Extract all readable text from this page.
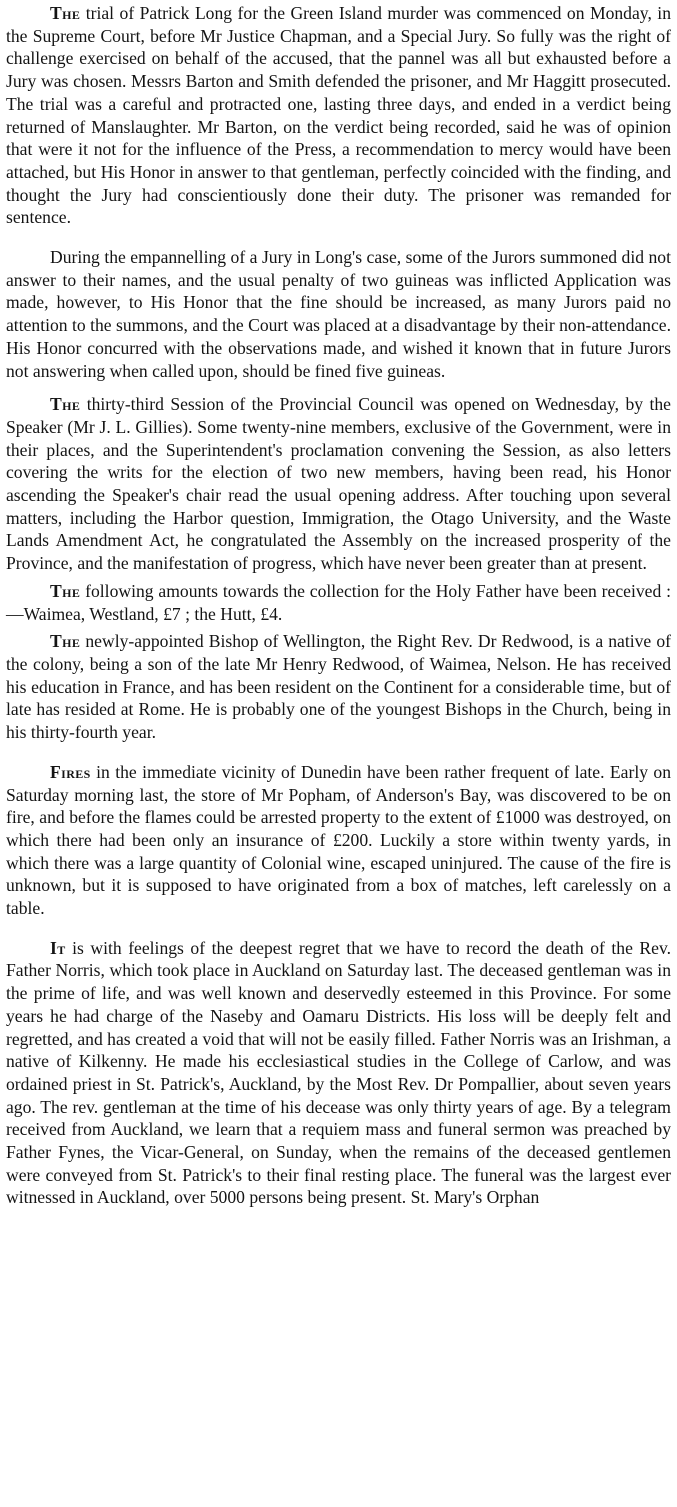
The trial of Patrick Long for the Green Island murder was commenced on Monday, in the Supreme Court, before Mr Justice Chapman, and a Special Jury. So fully was the right of challenge exercised on behalf of the accused, that the pannel was all but exhausted before a Jury was chosen. Messrs Barton and Smith defended the prisoner, and Mr Haggitt prosecuted. The trial was a careful and protracted one, lasting three days, and ended in a verdict being returned of Manslaughter. Mr Barton, on the verdict being recorded, said he was of opinion that were it not for the influence of the Press, a recommendation to mercy would have been attached, but His Honor in answer to that gentleman, perfectly coincided with the finding, and thought the Jury had conscientiously done their duty. The prisoner was remanded for sentence.

During the empannelling of a Jury in Long's case, some of the Jurors summoned did not answer to their names, and the usual penalty of two guineas was inflicted Application was made, however, to His Honor that the fine should be increased, as many Jurors paid no attention to the summons, and the Court was placed at a disadvantage by their non-attendance. His Honor concurred with the observations made, and wished it known that in future Jurors not answering when called upon, should be fined five guineas.

The thirty-third Session of the Provincial Council was opened on Wednesday, by the Speaker (Mr J. L. Gillies). Some twenty-nine members, exclusive of the Government, were in their places, and the Superintendent's proclamation convening the Session, as also letters covering the writs for the election of two new members, having been read, his Honor ascending the Speaker's chair read the usual opening address. After touching upon several matters, including the Harbor question, Immigration, the Otago University, and the Waste Lands Amendment Act, he congratulated the Assembly on the increased prosperity of the Province, and the manifestation of progress, which have never been greater than at present.

The following amounts towards the collection for the Holy Father have been received :—Waimea, Westland, £7 ; the Hutt, £4.

The newly-appointed Bishop of Wellington, the Right Rev. Dr Redwood, is a native of the colony, being a son of the late Mr Henry Redwood, of Waimea, Nelson. He has received his education in France, and has been resident on the Continent for a considerable time, but of late has resided at Rome. He is probably one of the youngest Bishops in the Church, being in his thirty-fourth year.

Fires in the immediate vicinity of Dunedin have been rather frequent of late. Early on Saturday morning last, the store of Mr Popham, of Anderson's Bay, was discovered to be on fire, and before the flames could be arrested property to the extent of £1000 was destroyed, on which there had been only an insurance of £200. Luckily a store within twenty yards, in which there was a large quantity of Colonial wine, escaped uninjured. The cause of the fire is unknown, but it is supposed to have originated from a box of matches, left carelessly on a table.

It is with feelings of the deepest regret that we have to record the death of the Rev. Father Norris, which took place in Auckland on Saturday last. The deceased gentleman was in the prime of life, and was well known and deservedly esteemed in this Province. For some years he had charge of the Naseby and Oamaru Districts. His loss will be deeply felt and regretted, and has created a void that will not be easily filled. Father Norris was an Irishman, a native of Kilkenny. He made his ecclesiastical studies in the College of Carlow, and was ordained priest in St. Patrick's, Auckland, by the Most Rev. Dr Pompallier, about seven years ago. The rev. gentleman at the time of his decease was only thirty years of age. By a telegram received from Auckland, we learn that a requiem mass and funeral sermon was preached by Father Fynes, the Vicar-General, on Sunday, when the remains of the deceased gentlemen were conveyed from St. Patrick's to their final resting place. The funeral was the largest ever witnessed in Auckland, over 5000 persons being present. St. Mary's Orphan
